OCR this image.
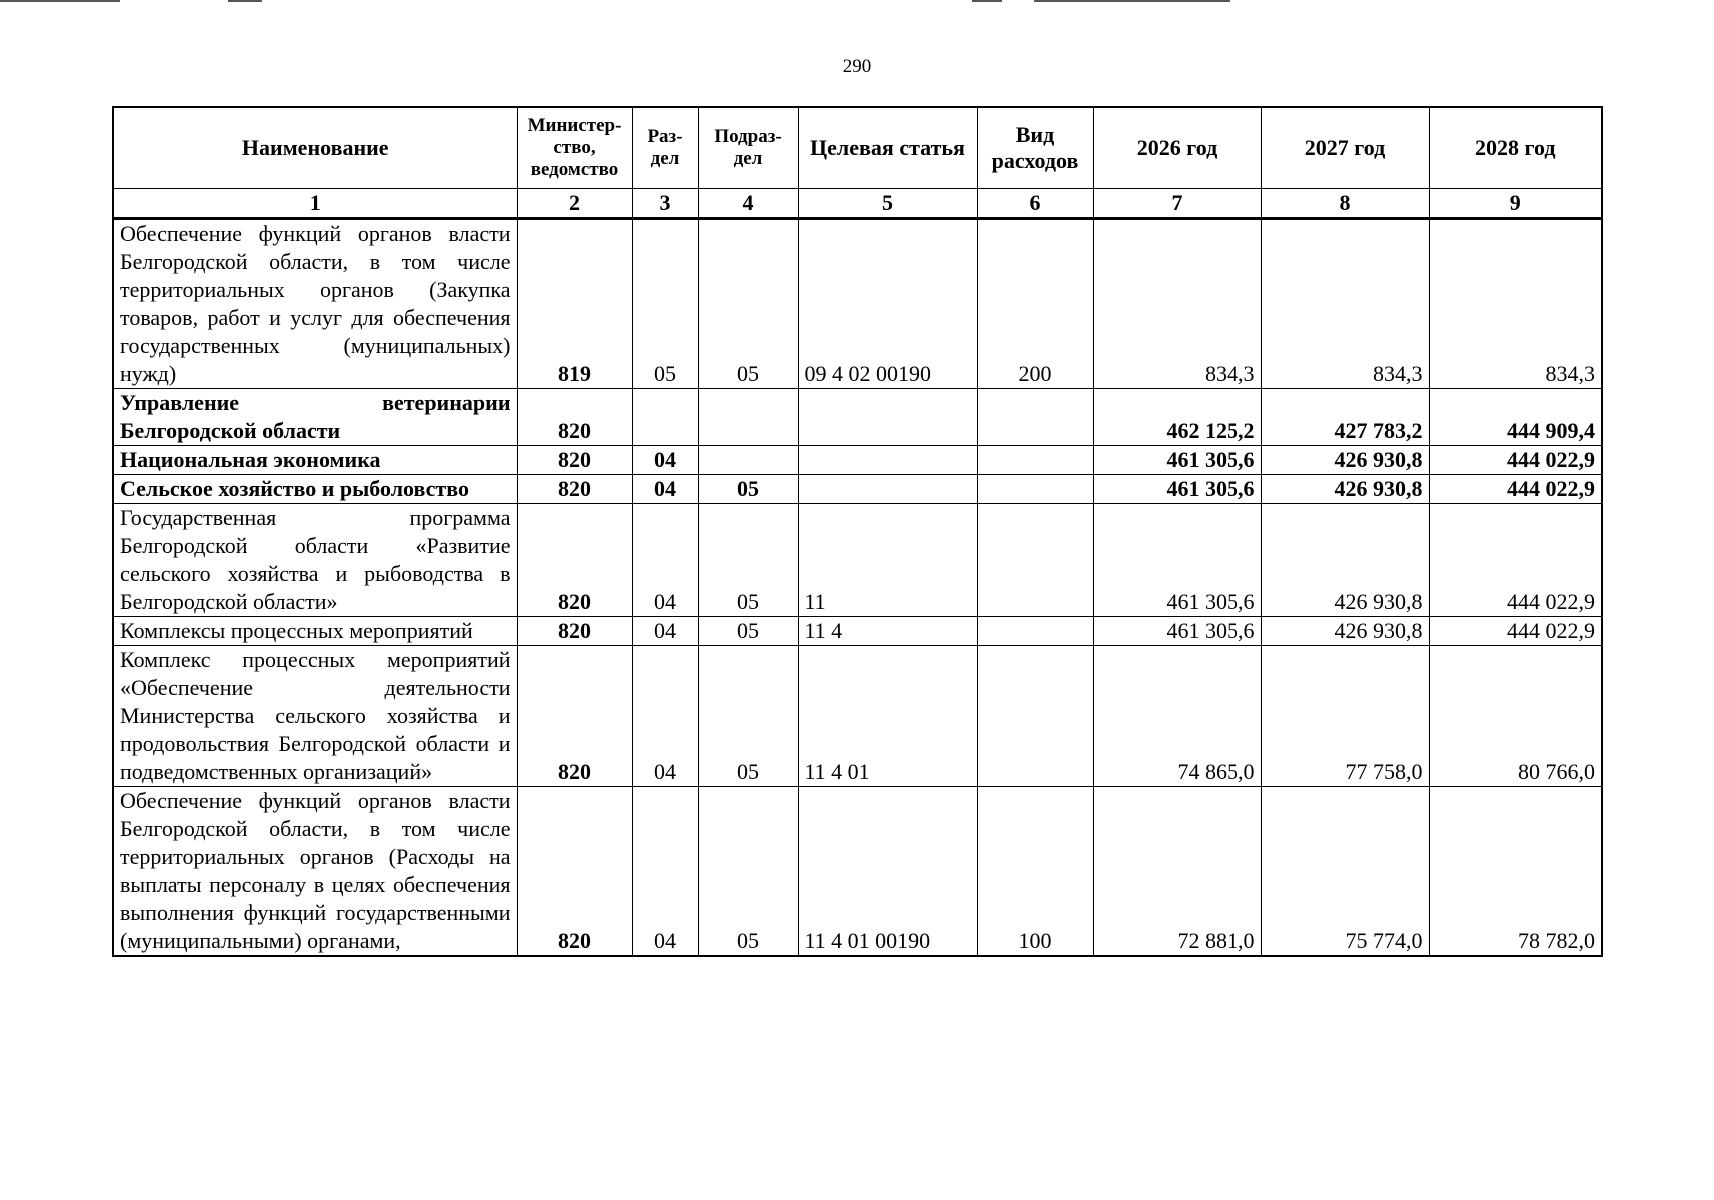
290
Наименование	Министер-ство, ведомство	Раз-дел	Подраз-дел	Целевая статья	Вид расходов	2026 год	2027 год	2028 год
1	2	3	4	5	6	7	8	9
Обеспечение функций органов власти Белгородской области, в том числе территориальных органов (Закупка товаров, работ и услуг для обеспечения государственных (муниципальных) нужд)	819	05	05	09 4 02 00190	200	834,3	834,3	834,3
Управление ветеринарии Белгородской области	820					462 125,2	427 783,2	444 909,4
Национальная экономика	820	04				461 305,6	426 930,8	444 022,9
Сельское хозяйство и рыболовство	820	04	05			461 305,6	426 930,8	444 022,9
Государственная программа Белгородской области «Развитие сельского хозяйства и рыбоводства в Белгородской области»	820	04	05	11		461 305,6	426 930,8	444 022,9
Комплексы процессных мероприятий	820	04	05	11 4		461 305,6	426 930,8	444 022,9
Комплекс процессных мероприятий «Обеспечение деятельности Министерства сельского хозяйства и продовольствия Белгородской области и подведомственных организаций»	820	04	05	11 4 01		74 865,0	77 758,0	80 766,0
Обеспечение функций органов власти Белгородской области, в том числе территориальных органов (Расходы на выплаты персоналу в целях обеспечения выполнения функций государственными (муниципальными) органами,	820	04	05	11 4 01 00190	100	72 881,0	75 774,0	78 782,0
